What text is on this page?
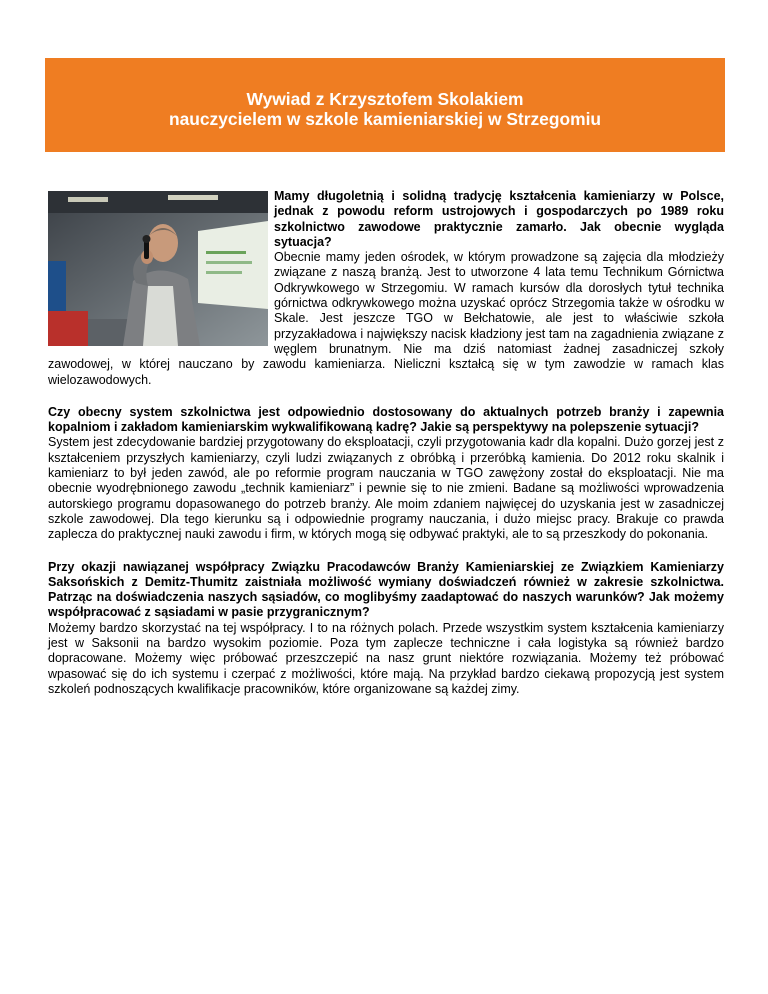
Wywiad z Krzysztofem Skolakiem
nauczycielem w szkole kamieniarskiej w Strzegomiu

Mamy długoletnią i solidną tradycję kształcenia kamieniarzy w Polsce, jednak z powodu reform ustrojowych i gospodarczych po 1989 roku szkolnictwo zawodowe praktycznie zamarło. Jak obecnie wygląda sytuacja?
Obecnie mamy jeden ośrodek, w którym prowadzone są zajęcia dla młodzieży związane z naszą branżą. Jest to utworzone 4 lata temu Technikum Górnictwa Odkrywkowego w Strzegomiu. W ramach kursów dla dorosłych tytuł technika górnictwa odkrywkowego można uzyskać oprócz Strzegomia także w ośrodku w Skale. Jest jeszcze TGO w Bełchatowie, ale jest to właściwie szkoła przyzakładowa i największy nacisk kładziony jest tam na zagadnienia związane z węglem brunatnym. Nie ma dziś natomiast żadnej zasadniczej szkoły zawodowej, w której nauczano by zawodu kamieniarza. Nieliczni kształcą się w tym zawodzie w ramach klas wielozawodowych.

Czy obecny system szkolnictwa jest odpowiednio dostosowany do aktualnych potrzeb branży i zapewnia kopalniom i zakładom kamieniarskim wykwalifikowaną kadrę? Jakie są perspektywy na polepszenie sytuacji?
System jest zdecydowanie bardziej przygotowany do eksploatacji, czyli przygotowania kadr dla kopalni. Dużo gorzej jest z kształceniem przyszłych kamieniarzy, czyli ludzi związanych z obróbką i przeróbką kamienia. Do 2012 roku skalnik i kamieniarz to był jeden zawód, ale po reformie program nauczania w TGO zawężony został do eksploatacji. Nie ma obecnie wyodrębnionego zawodu „technik kamieniarz” i pewnie się to nie zmieni. Badane są możliwości wprowadzenia autorskiego programu dopasowanego do potrzeb branży. Ale moim zdaniem najwięcej do uzyskania jest w zasadniczej szkole zawodowej. Dla tego kierunku są i odpowiednie programy nauczania, i dużo miejsc pracy. Brakuje co prawda zaplecza do praktycznej nauki zawodu i firm, w których mogą się odbywać praktyki, ale to są przeszkody do pokonania.

Przy okazji nawiązanej współpracy Związku Pracodawców Branży Kamieniarskiej ze Związkiem Kamieniarzy Saksońskich z Demitz-Thumitz zaistniała możliwość wymiany doświadczeń również w zakresie szkolnictwa. Patrząc na doświadczenia naszych sąsiadów, co moglibyśmy zaadaptować do naszych warunków? Jak możemy współpracować z sąsiadami w pasie przygranicznym?
Możemy bardzo skorzystać na tej współpracy. I to na różnych polach. Przede wszystkim system kształcenia kamieniarzy jest w Saksonii na bardzo wysokim poziomie. Poza tym zaplecze techniczne i cała logistyka są również bardzo dopracowane. Możemy więc próbować przeszczepić na nasz grunt niektóre rozwiązania. Możemy też próbować wpasować się do ich systemu i czerpać z możliwości, które mają. Na przykład bardzo ciekawą propozycją jest system szkoleń podnoszących kwalifikacje pracowników, które organizowane są każdej zimy.
